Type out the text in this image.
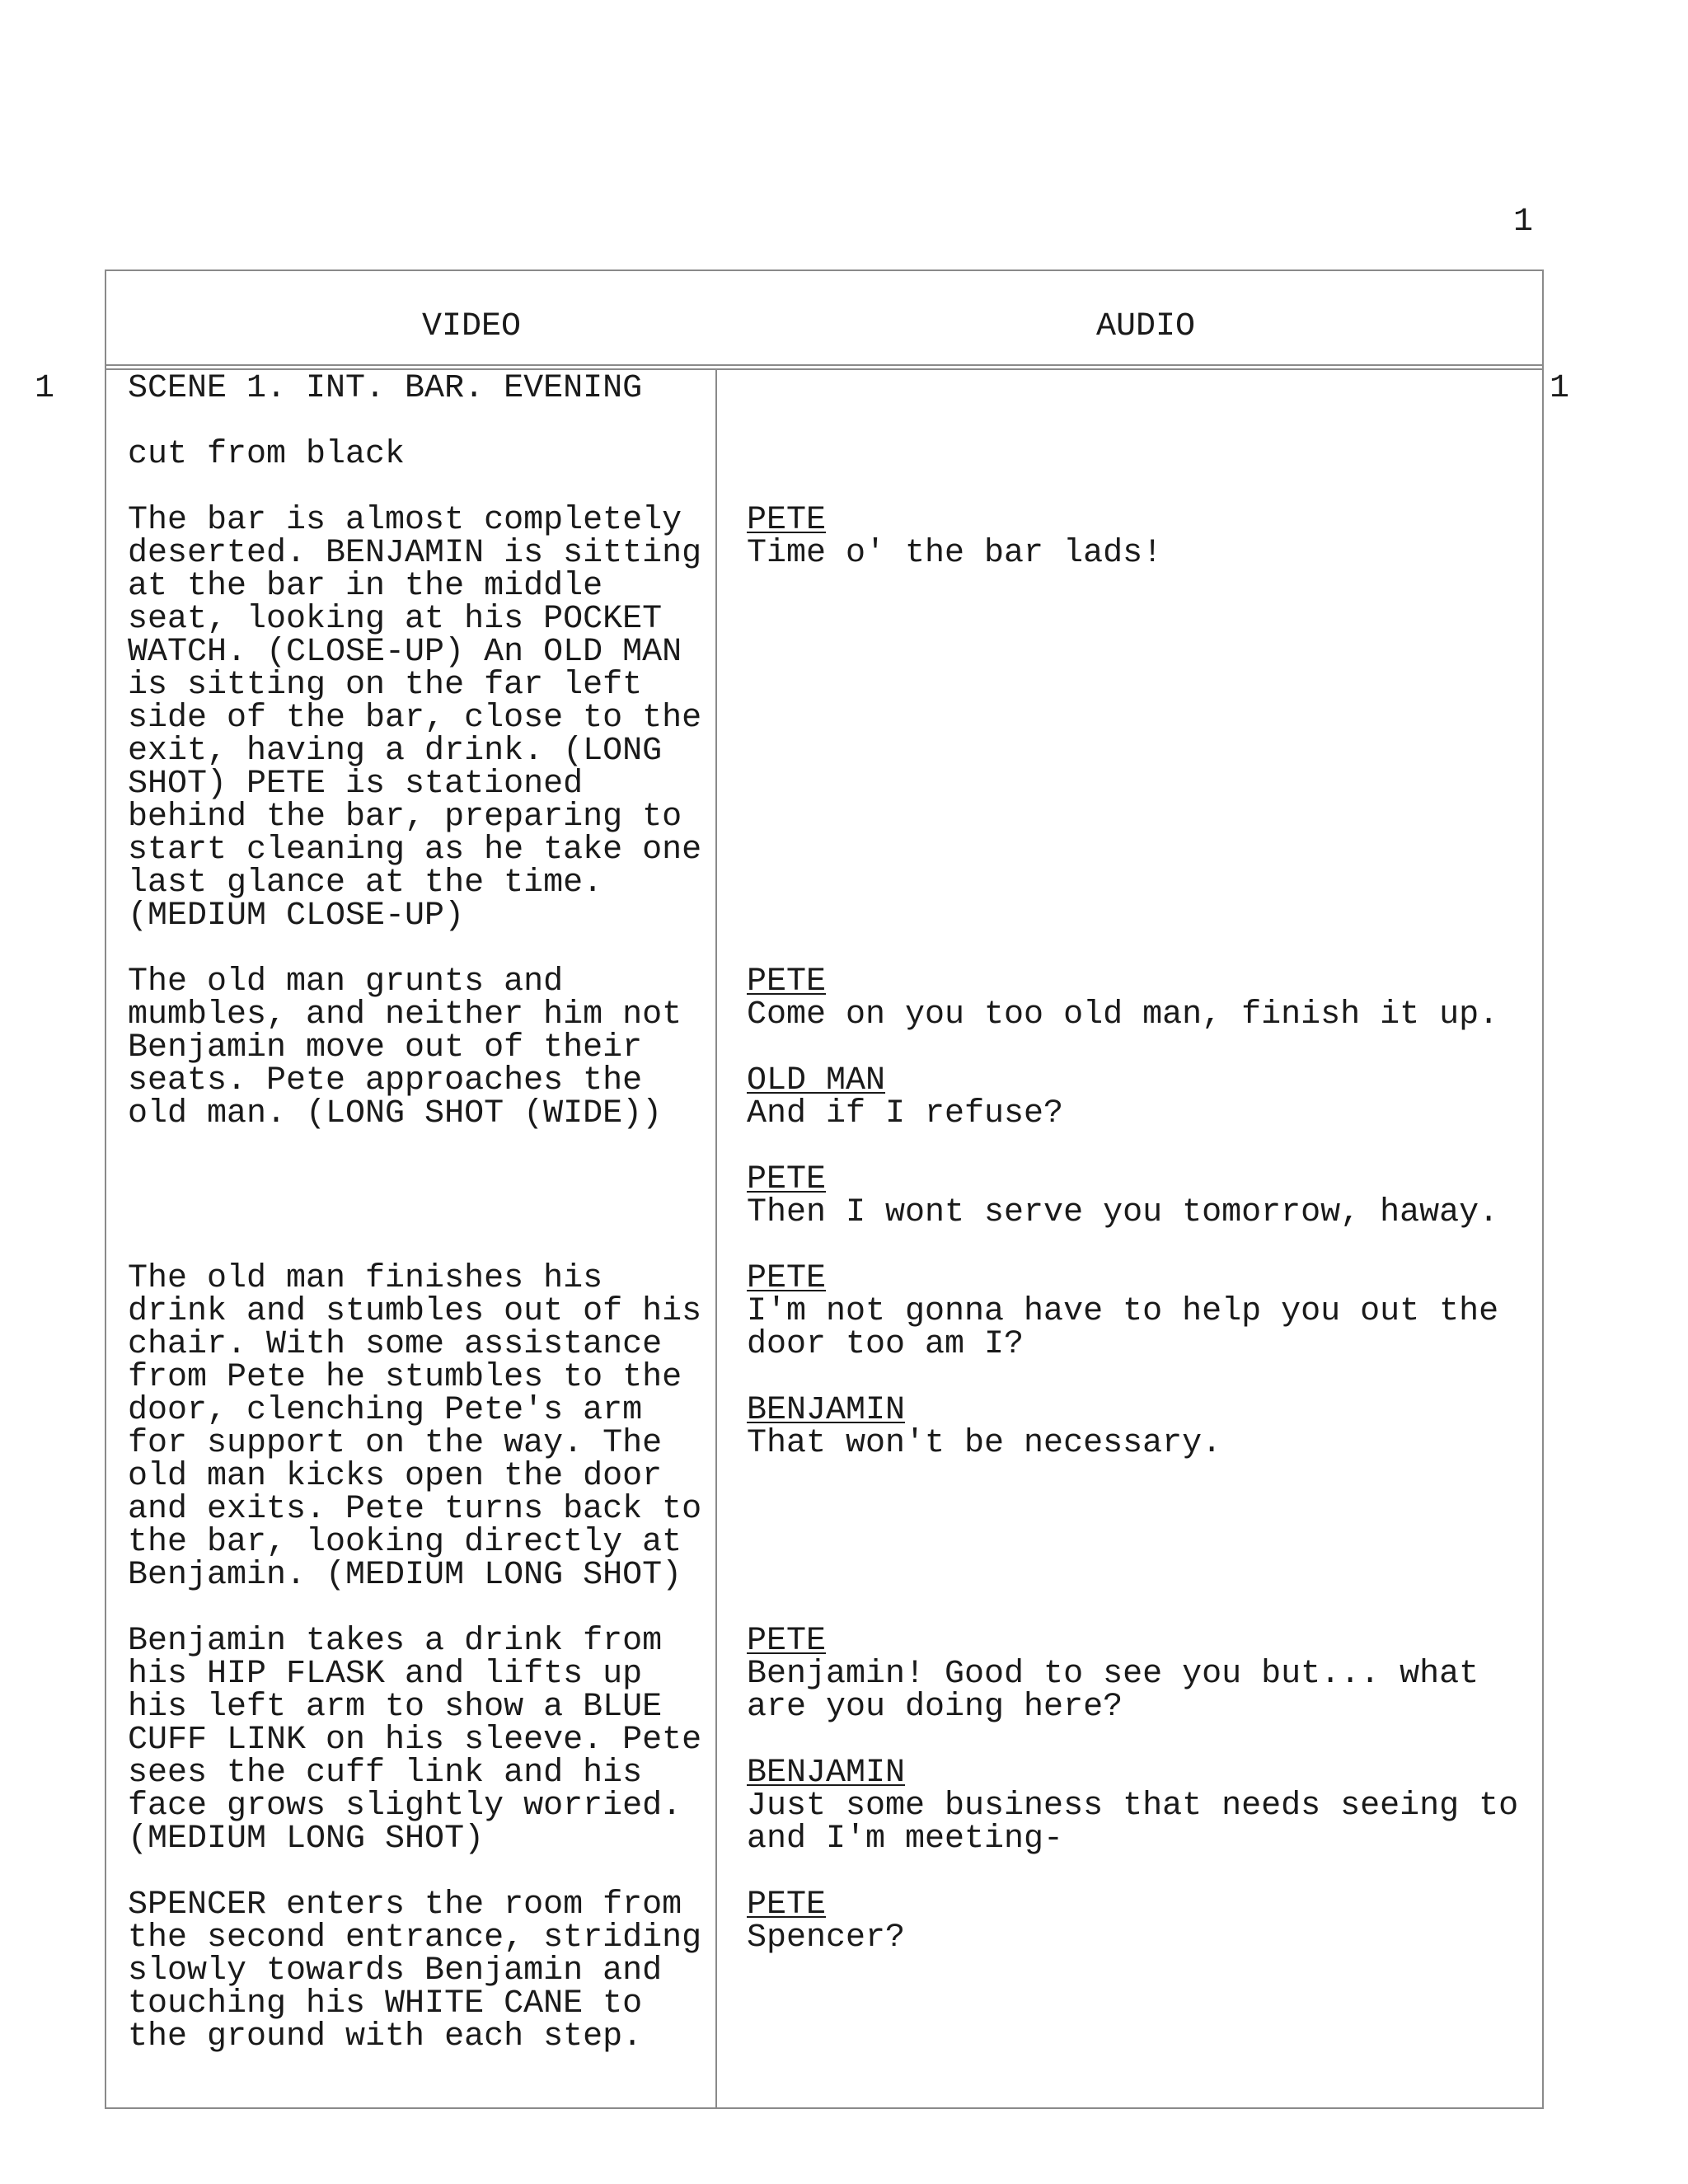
1
1	1
VIDEO	AUDIO
SCENE 1. INT. BAR. EVENING
cut from black
The bar is almost completely
deserted. BENJAMIN is sitting
at the bar in the middle
seat, looking at his POCKET
WATCH. (CLOSE-UP) An OLD MAN
is sitting on the far left
side of the bar, close to the
exit, having a drink. (LONG
SHOT) PETE is stationed
behind the bar, preparing to
start cleaning as he take one
last glance at the time.
(MEDIUM CLOSE-UP)
The old man grunts and
mumbles, and neither him not
Benjamin move out of their
seats. Pete approaches the
old man. (LONG SHOT (WIDE))
The old man finishes his
drink and stumbles out of his
chair. With some assistance
from Pete he stumbles to the
door, clenching Pete's arm
for support on the way. The
old man kicks open the door
and exits. Pete turns back to
the bar, looking directly at
Benjamin. (MEDIUM LONG SHOT)
Benjamin takes a drink from
his HIP FLASK and lifts up
his left arm to show a BLUE
CUFF LINK on his sleeve. Pete
sees the cuff link and his
face grows slightly worried.
(MEDIUM LONG SHOT)
SPENCER enters the room from
the second entrance, striding
slowly towards Benjamin and
touching his WHITE CANE to
the ground with each step.
PETE
Time o' the bar lads!
PETE
Come on you too old man, finish it up.
OLD MAN
And if I refuse?
PETE
Then I wont serve you tomorrow, haway.
PETE
I'm not gonna have to help you out the
door too am I?
BENJAMIN
That won't be necessary.
PETE
Benjamin! Good to see you but... what
are you doing here?
BENJAMIN
Just some business that needs seeing to
and I'm meeting-
PETE
Spencer?
